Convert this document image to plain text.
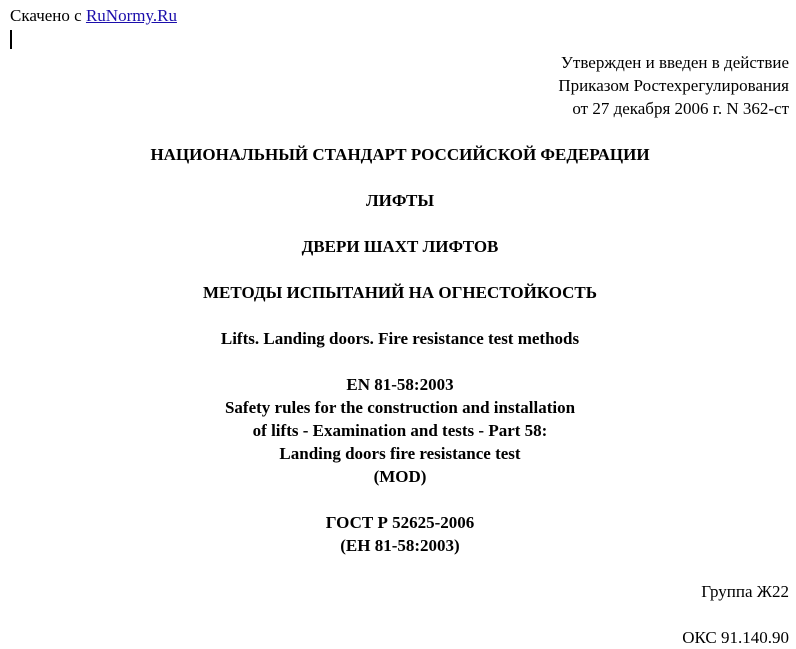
Скачено с RuNormy.Ru
Утвержден и введен в действие
Приказом Ростехрегулирования
от 27 декабря 2006 г. N 362-ст
НАЦИОНАЛЬНЫЙ СТАНДАРТ РОССИЙСКОЙ ФЕДЕРАЦИИ
ЛИФТЫ
ДВЕРИ ШАХТ ЛИФТОВ
МЕТОДЫ ИСПЫТАНИЙ НА ОГНЕСТОЙКОСТЬ
Lifts. Landing doors. Fire resistance test methods
EN 81-58:2003
Safety rules for the construction and installation
of lifts - Examination and tests - Part 58:
Landing doors fire resistance test
(MOD)
ГОСТ Р 52625-2006
(ЕН 81-58:2003)
Группа Ж22
ОКС 91.140.90
